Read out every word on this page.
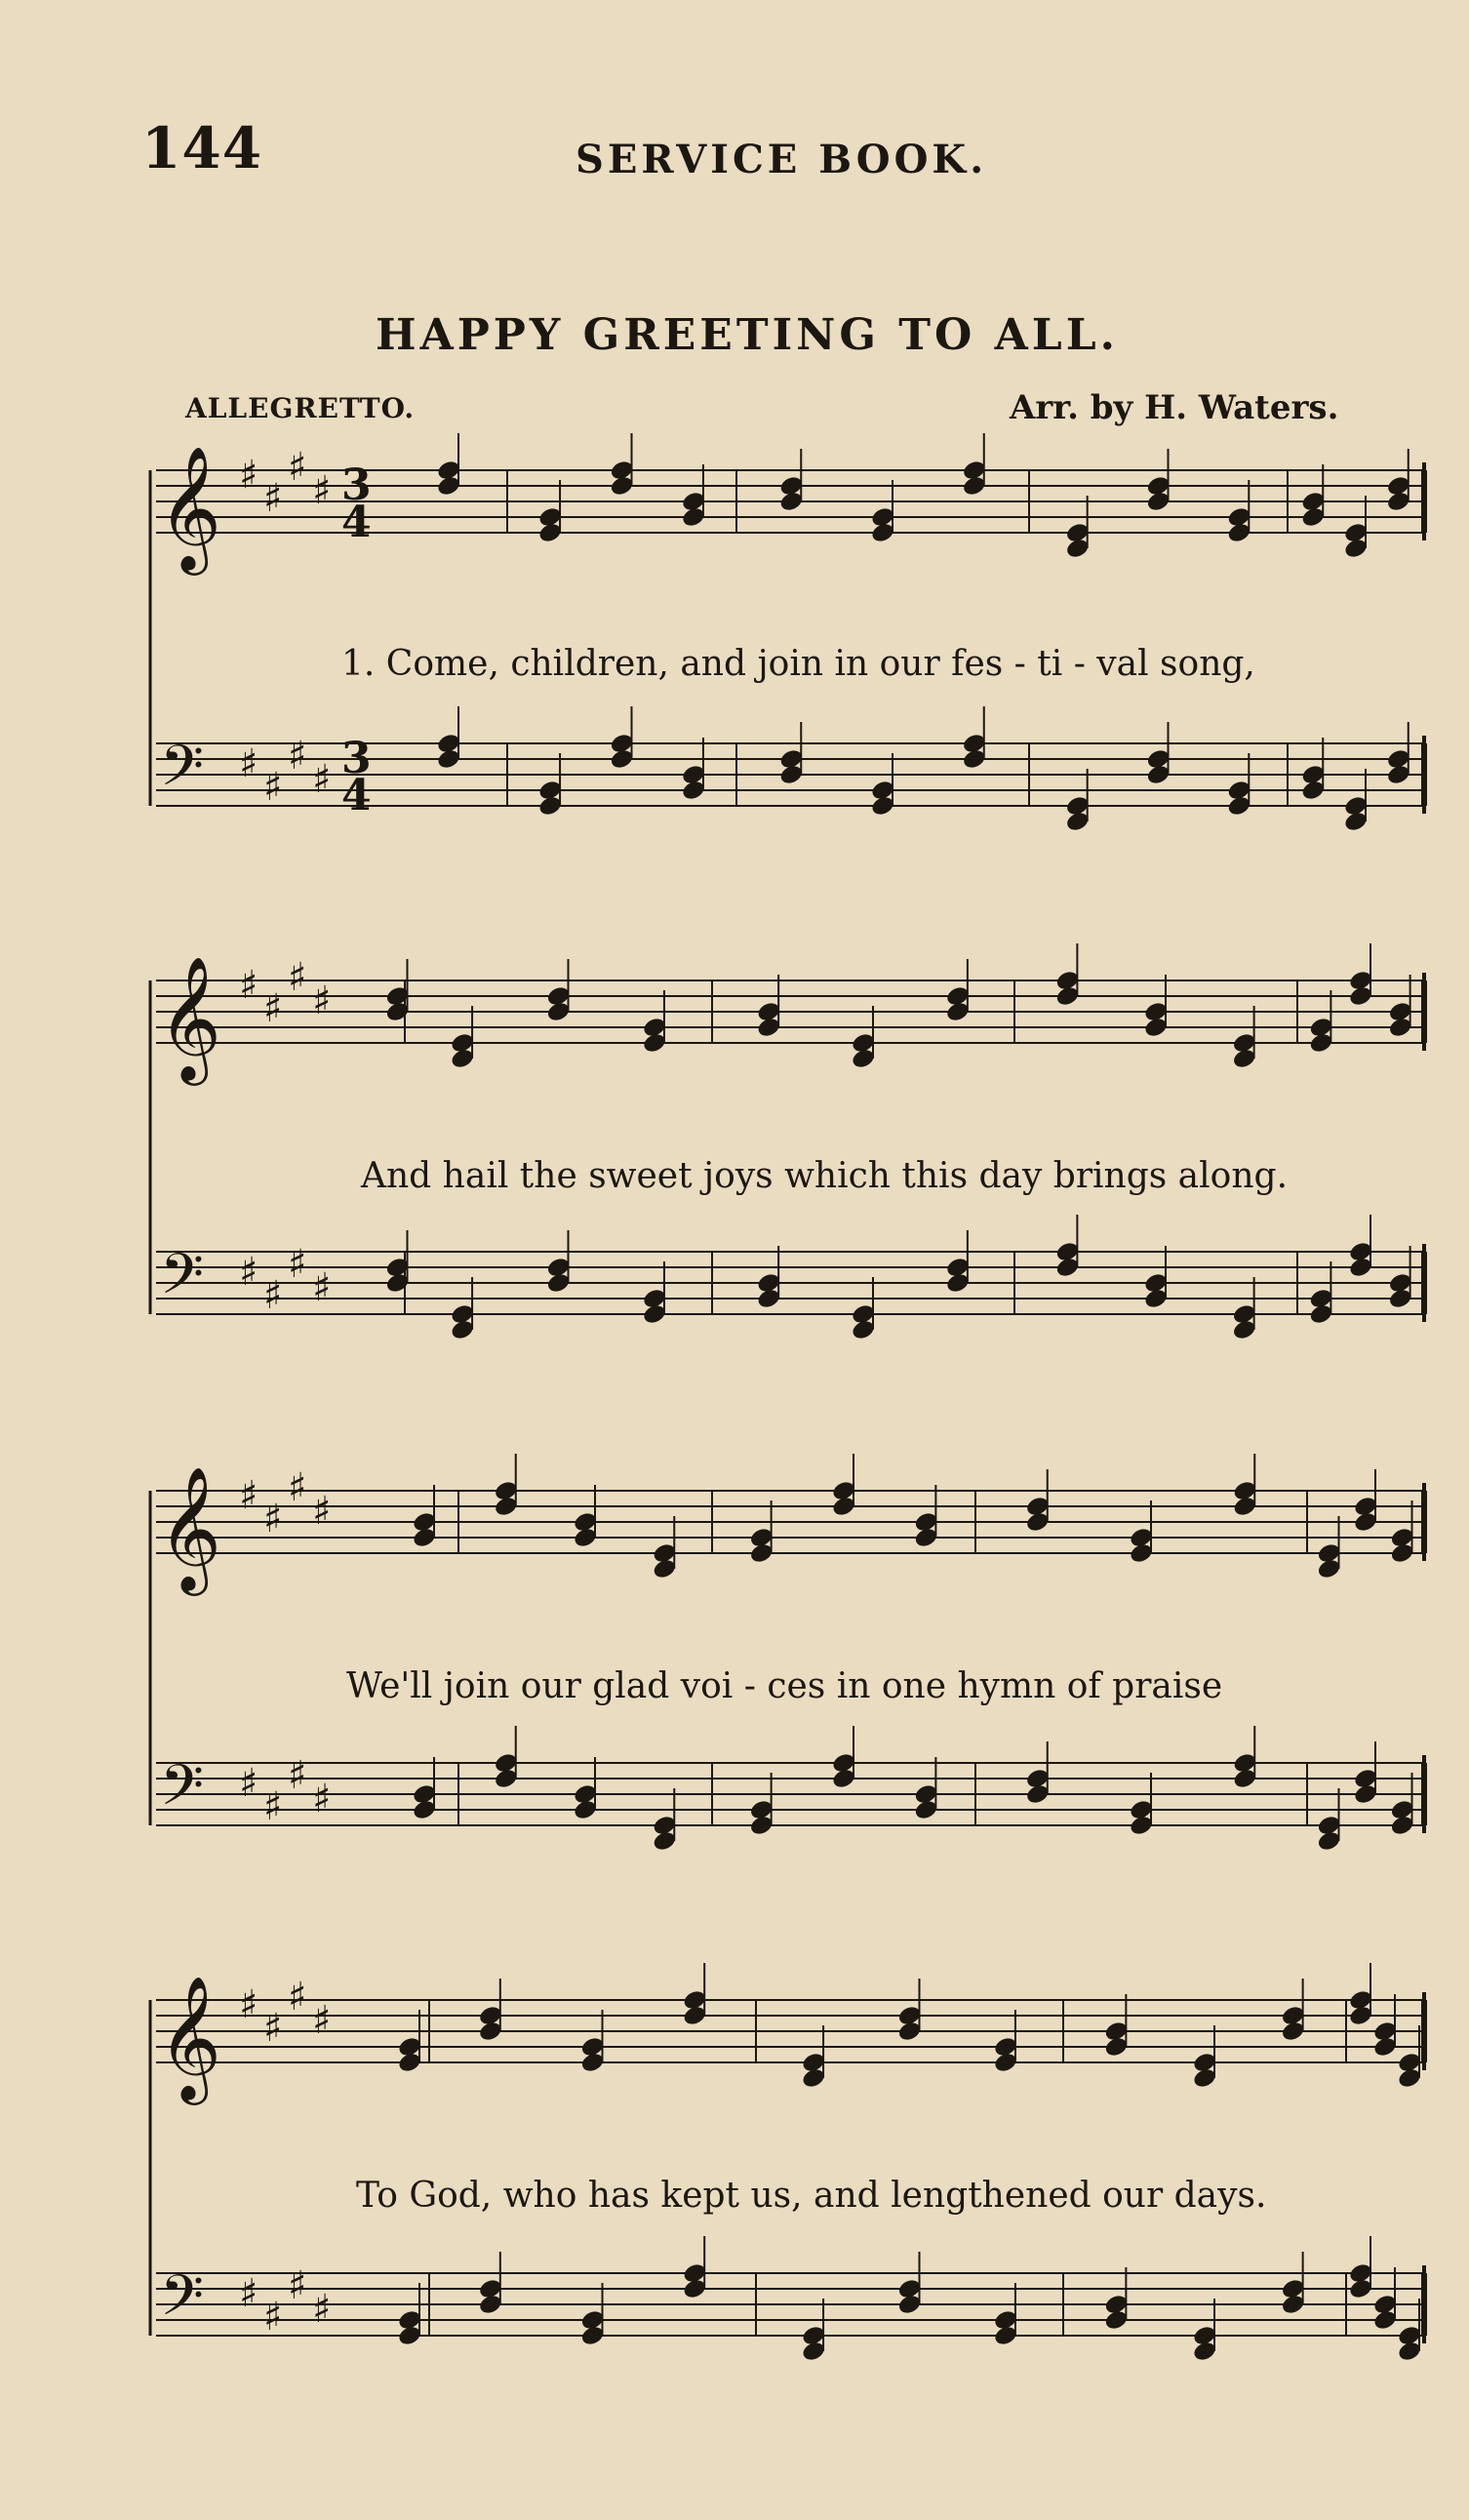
144	SERVICE BOOK.
HAPPY GREETING TO ALL.
ALLEGRETTO.	Arr. by H. Waters.
1. Come, children, and join in our fes - ti - val song,
And hail the sweet joys which this day brings along.
We'll join our glad voi - ces in one hymn of praise
To God, who has kept us, and lengthened our days.
𝄞 ♯
♯
♯
♯ 3
4
𝄢 ♯
♯
♯
♯ 3
4
𝄞 ♯
♯
♯
♯
𝄢 ♯
♯
♯
♯
𝄞 ♯
♯
♯
♯
𝄢 ♯
♯
♯
♯
𝄞 ♯
♯
♯
♯
𝄢 ♯
♯
♯
♯
